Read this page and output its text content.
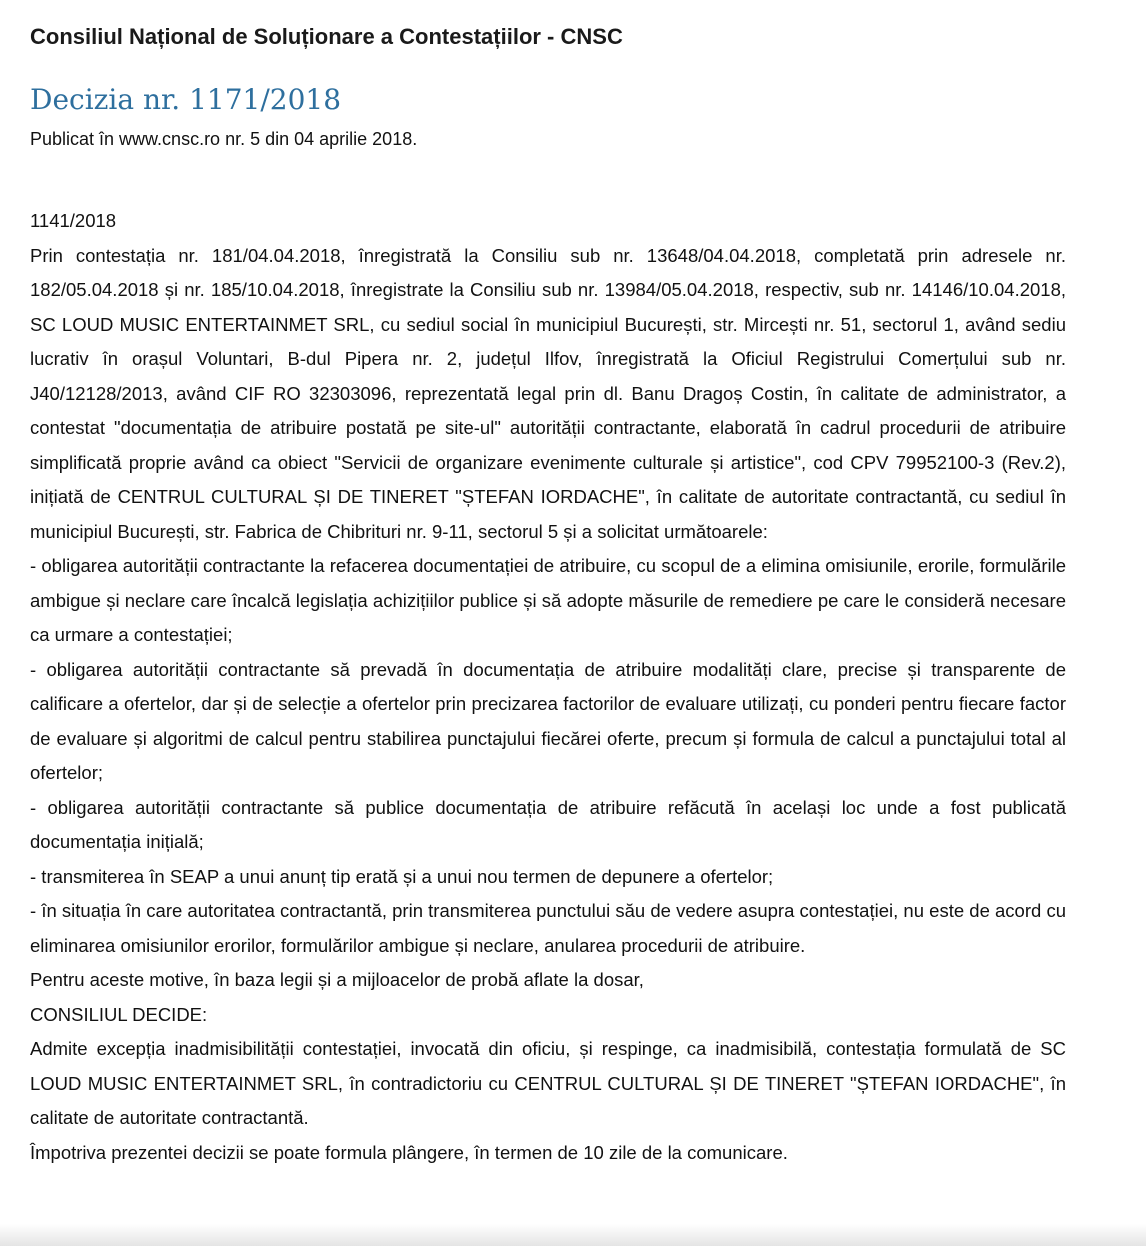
Consiliul Național de Soluționare a Contestațiilor - CNSC
Decizia nr. 1171/2018

Publicat în www.cnsc.ro nr. 5 din 04 aprilie 2018.

1141/2018

Prin contestația nr. 181/04.04.2018, înregistrată la Consiliu sub nr. 13648/04.04.2018, completată prin adresele nr. 182/05.04.2018 și nr. 185/10.04.2018, înregistrate la Consiliu sub nr. 13984/05.04.2018, respectiv, sub nr. 14146/10.04.2018, SC LOUD MUSIC ENTERTAINMET SRL, cu sediul social în municipiul București, str. Mircești nr. 51, sectorul 1, având sediu lucrativ în orașul Voluntari, B-dul Pipera nr. 2, județul Ilfov, înregistrată la Oficiul Registrului Comerțului sub nr. J40/12128/2013, având CIF RO 32303096, reprezentată legal prin dl. Banu Dragoș Costin, în calitate de administrator, a contestat "documentația de atribuire postată pe site-ul" autorității contractante, elaborată în cadrul procedurii de atribuire simplificată proprie având ca obiect "Servicii de organizare evenimente culturale și artistice", cod CPV 79952100-3 (Rev.2), inițiată de CENTRUL CULTURAL ȘI DE TINERET "ȘTEFAN IORDACHE", în calitate de autoritate contractantă, cu sediul în municipiul București, str. Fabrica de Chibrituri nr. 9-11, sectorul 5 și a solicitat următoarele:

- obligarea autorității contractante la refacerea documentației de atribuire, cu scopul de a elimina omisiunile, erorile, formulările ambigue și neclare care încalcă legislația achizițiilor publice și să adopte măsurile de remediere pe care le consideră necesare ca urmare a contestației;

- obligarea autorității contractante să prevadă în documentația de atribuire modalități clare, precise și transparente de calificare a ofertelor, dar și de selecție a ofertelor prin precizarea factorilor de evaluare utilizați, cu ponderi pentru fiecare factor de evaluare și algoritmi de calcul pentru stabilirea punctajului fiecărei oferte, precum și formula de calcul a punctajului total al ofertelor;

- obligarea autorității contractante să publice documentația de atribuire refăcută în același loc unde a fost publicată documentația inițială;

- transmiterea în SEAP a unui anunț tip erată și a unui nou termen de depunere a ofertelor;

- în situația în care autoritatea contractantă, prin transmiterea punctului său de vedere asupra contestației, nu este de acord cu eliminarea omisiunilor erorilor, formulărilor ambigue și neclare, anularea procedurii de atribuire.

Pentru aceste motive, în baza legii și a mijloacelor de probă aflate la dosar,

CONSILIUL DECIDE:

Admite excepția inadmisibilității contestației, invocată din oficiu, și respinge, ca inadmisibilă, contestația formulată de SC LOUD MUSIC ENTERTAINMET SRL, în contradictoriu cu CENTRUL CULTURAL ȘI DE TINERET "ȘTEFAN IORDACHE", în calitate de autoritate contractantă.

Împotriva prezentei decizii se poate formula plângere, în termen de 10 zile de la comunicare.
